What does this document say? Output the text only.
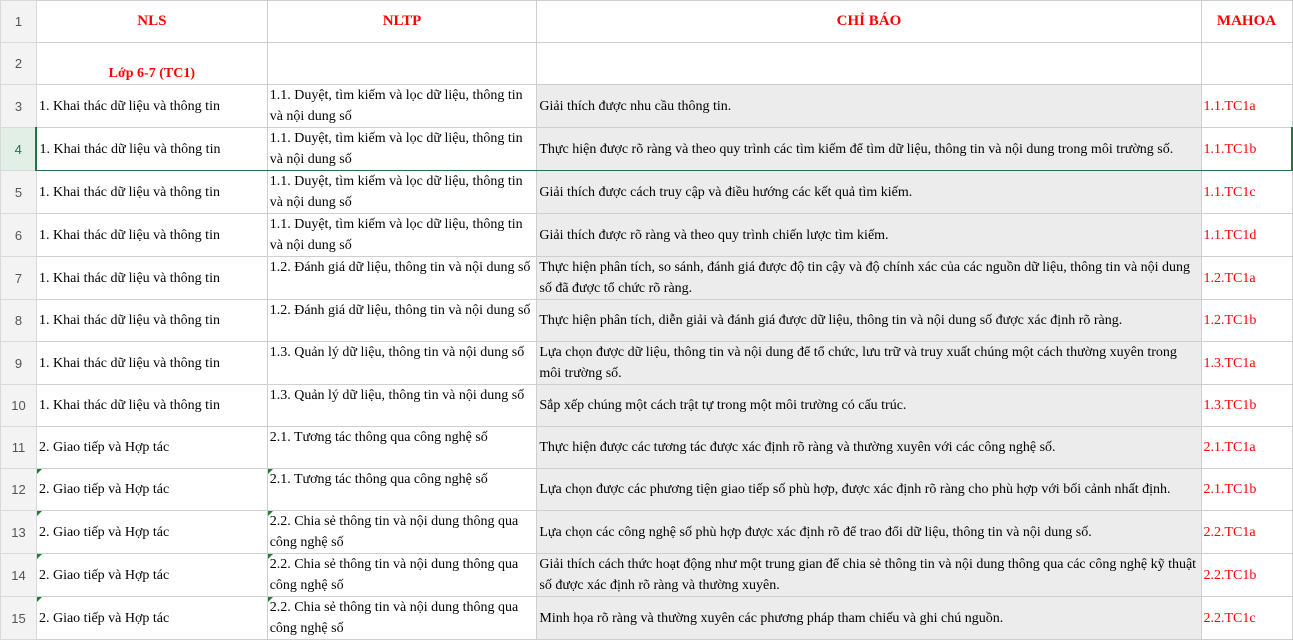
1	NLS	NLTP	CHỈ BÁO	MAHOA
2	Lớp 6-7 (TC1)			
3	1. Khai thác dữ liệu và thông tin	1.1. Duyệt, tìm kiếm và lọc dữ liệu, thông tin và nội dung số	Giải thích được nhu cầu thông tin.	1.1.TC1a
4	1. Khai thác dữ liệu và thông tin	1.1. Duyệt, tìm kiếm và lọc dữ liệu, thông tin và nội dung số	Thực hiện được rõ ràng và theo quy trình các tìm kiếm để tìm dữ liệu, thông tin và nội dung trong môi trường số.	1.1.TC1b
5	1. Khai thác dữ liệu và thông tin	1.1. Duyệt, tìm kiếm và lọc dữ liệu, thông tin và nội dung số	Giải thích được cách truy cập và điều hướng các kết quả tìm kiếm.	1.1.TC1c
6	1. Khai thác dữ liệu và thông tin	1.1. Duyệt, tìm kiếm và lọc dữ liệu, thông tin và nội dung số	Giải thích được rõ ràng và theo quy trình chiến lược tìm kiếm.	1.1.TC1d
7	1. Khai thác dữ liệu và thông tin	1.2. Đánh giá dữ liệu, thông tin và nội dung số	Thực hiện phân tích, so sánh, đánh giá được độ tin cậy và độ chính xác của các nguồn dữ liệu, thông tin và nội dung số đã được tổ chức rõ ràng.	1.2.TC1a
8	1. Khai thác dữ liệu và thông tin	1.2. Đánh giá dữ liệu, thông tin và nội dung số	Thực hiện phân tích, diễn giải và đánh giá được dữ liệu, thông tin và nội dung số được xác định rõ ràng.	1.2.TC1b
9	1. Khai thác dữ liệu và thông tin	1.3. Quản lý dữ liệu, thông tin và nội dung số	Lựa chọn được dữ liệu, thông tin và nội dung để tổ chức, lưu trữ và truy xuất chúng một cách thường xuyên trong môi trường số.	1.3.TC1a
10	1. Khai thác dữ liệu và thông tin	1.3. Quản lý dữ liệu, thông tin và nội dung số	Sắp xếp chúng một cách trật tự trong một môi trường có cấu trúc.	1.3.TC1b
11	2. Giao tiếp và Hợp tác	2.1. Tương tác thông qua công nghệ số	Thực hiện được các tương tác được xác định rõ ràng và thường xuyên với các công nghệ số.	2.1.TC1a
12	2. Giao tiếp và Hợp tác	2.1. Tương tác thông qua công nghệ số	Lựa chọn được các phương tiện giao tiếp số phù hợp, được xác định rõ ràng cho phù hợp với bối cảnh nhất định.	2.1.TC1b
13	2. Giao tiếp và Hợp tác	2.2. Chia sẻ thông tin và nội dung thông qua công nghệ số	Lựa chọn các công nghệ số phù hợp được xác định rõ để trao đổi dữ liệu, thông tin và nội dung số.	2.2.TC1a
14	2. Giao tiếp và Hợp tác	2.2. Chia sẻ thông tin và nội dung thông qua công nghệ số	Giải thích cách thức hoạt động như một trung gian để chia sẻ thông tin và nội dung thông qua các công nghệ kỹ thuật số được xác định rõ ràng và thường xuyên.	2.2.TC1b
15	2. Giao tiếp và Hợp tác	2.2. Chia sẻ thông tin và nội dung thông qua công nghệ số	Minh họa rõ ràng và thường xuyên các phương pháp tham chiếu và ghi chú nguồn.	2.2.TC1c
